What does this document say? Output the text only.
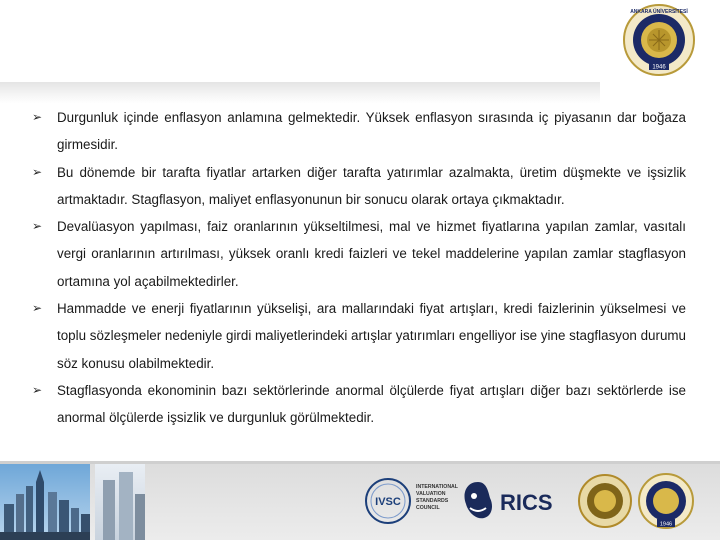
1946
ANKARA ÜNİVERSİTESİ
➢ Durgunluk içinde enflasyon anlamına gelmektedir. Yüksek enflasyon sırasında iç piyasanın dar boğaza girmesidir.
➢ Bu dönemde bir tarafta fiyatlar artarken diğer tarafta yatırımlar azalmakta, üretim düşmekte ve işsizlik artmaktadır. Stagflasyon, maliyet enflasyonunun bir sonucu olarak ortaya çıkmaktadır.
➢ Devalüasyon yapılması, faiz oranlarının yükseltilmesi, mal ve hizmet fiyatlarına yapılan zamlar, vasıtalı vergi oranlarının artırılması, yüksek oranlı kredi faizleri ve tekel maddelerine yapılan zamlar stagflasyon ortamına yol açabilmektedirler.
➢ Hammadde ve enerji fiyatlarının yükselişi, ara mallarındaki fiyat artışları, kredi faizlerinin yükselmesi ve toplu sözleşmeler nedeniyle girdi maliyetlerindeki artışlar yatırımları engelliyor ise yine stagflasyon durumu söz konusu olabilmektedir.
➢ Stagflasyonda ekonominin bazı sektörlerinde anormal ölçülerde fiyat artışları diğer bazı sektörlerde ise anormal ölçülerde işsizlik ve durgunluk görülmektedir.
IVSC
INTERNATIONAL
VALUATION
STANDARDS
COUNCIL	RICS
1946
